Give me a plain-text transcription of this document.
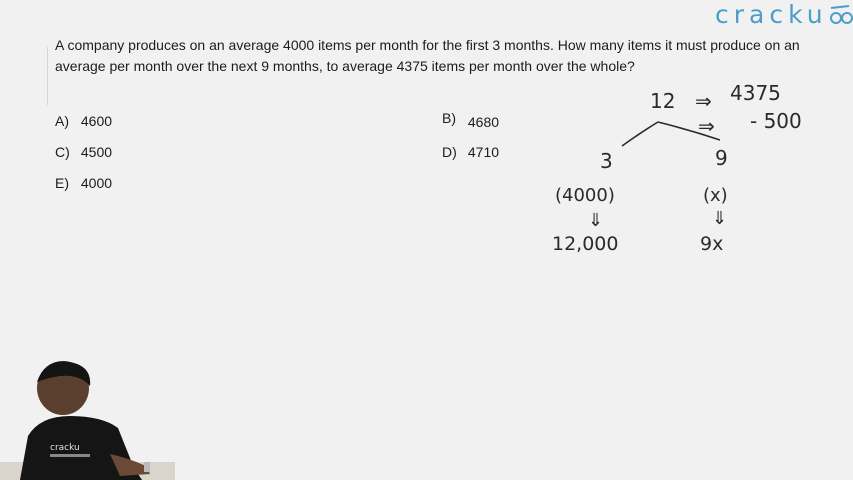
cracku
A company produces on an average 4000 items per month for the first 3 months. How many items it must produce on an average per month over the next 9 months, to average 4375 items per month over the whole?
A) 4600	B) 4680
C) 4500	D) 4710
E) 4000
12 ⇒ 4375
⇒ - 500
3	9
(4000)	(x)
⇓	⇓
12,000	9x
cracku
